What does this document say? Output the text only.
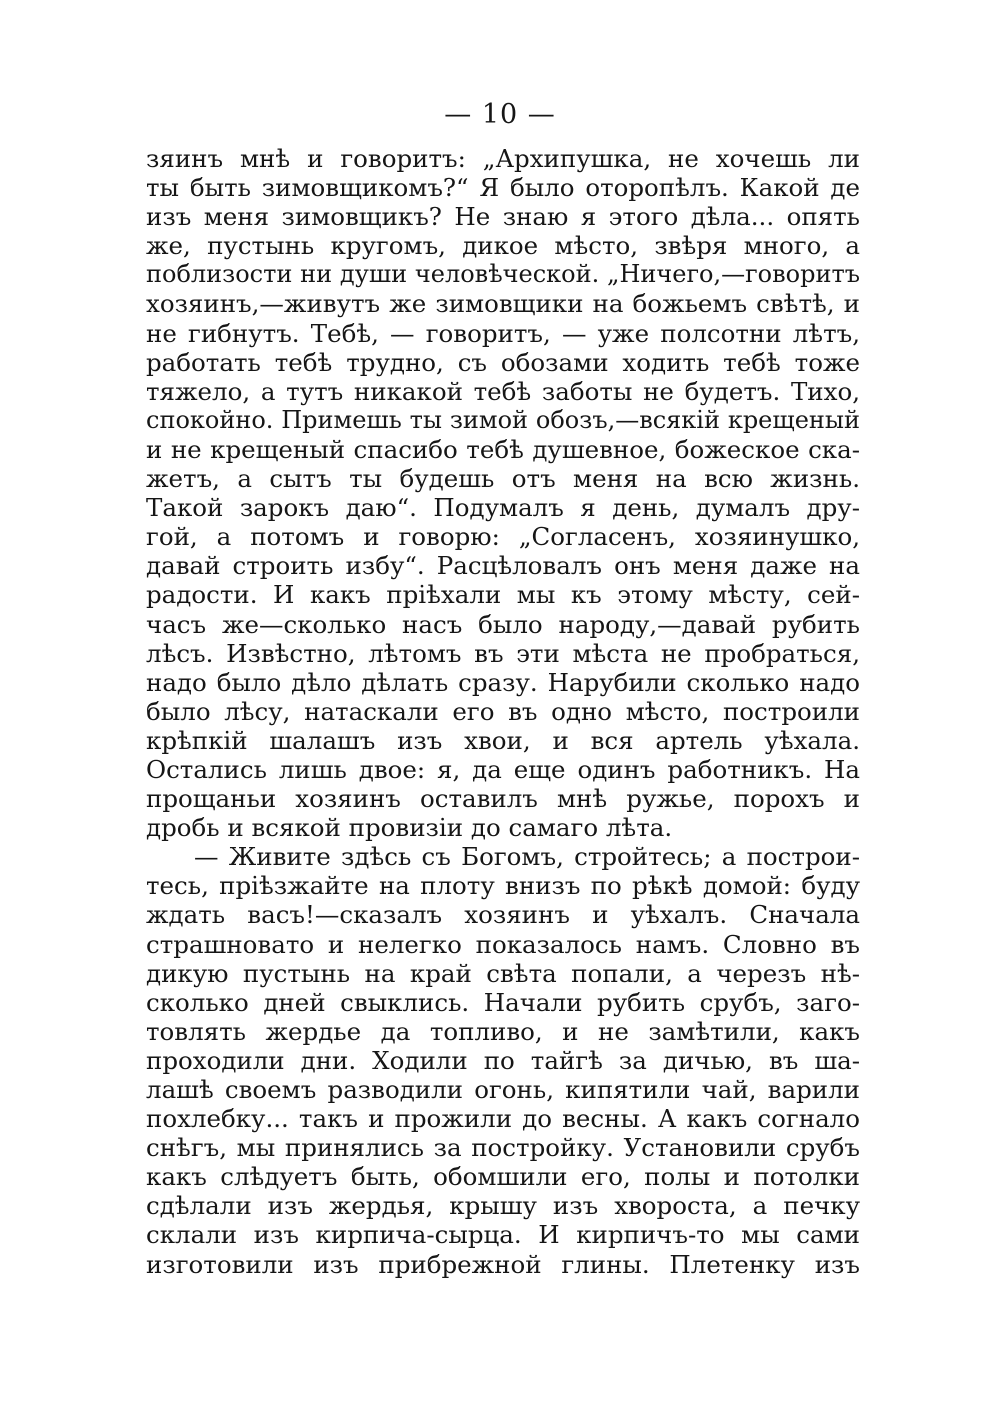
— 10 —
зяинъ мнѣ и говоритъ: „Архипушка, не хочешь ли
ты быть зимовщикомъ?“ Я было оторопѣлъ. Какой де
изъ меня зимовщикъ? Не знаю я этого дѣла... опять
же, пустынь кругомъ, дикое мѣсто, звѣря много, а
поблизости ни души человѣческой. „Ничего,—говоритъ
хозяинъ,—живутъ же зимовщики на божьемъ свѣтѣ, и
не гибнутъ. Тебѣ, — говоритъ, — уже полсотни лѣтъ,
работать тебѣ трудно, съ обозами ходить тебѣ тоже
тяжело, а тутъ никакой тебѣ заботы не будетъ. Тихо,
спокойно. Примешь ты зимой обозъ,—всякій крещеный
и не крещеный спасибо тебѣ душевное, божеское ска-
жетъ, а сытъ ты будешь отъ меня на всю жизнь.
Такой зарокъ даю“. Подумалъ я день, думалъ дру-
гой, а потомъ и говорю: „Согласенъ, хозяинушко,
давай строить избу“. Расцѣловалъ онъ меня даже на
радости. И какъ пріѣхали мы къ этому мѣсту, сей-
часъ же—сколько насъ было народу,—давай рубить
лѣсъ. Извѣстно, лѣтомъ въ эти мѣста не пробраться,
надо было дѣло дѣлать сразу. Нарубили сколько надо
было лѣсу, натаскали его въ одно мѣсто, построили
крѣпкій шалашъ изъ хвои, и вся артель уѣхала.
Остались лишь двое: я, да еще одинъ работникъ. На
прощаньи хозяинъ оставилъ мнѣ ружье, порохъ и
дробь и всякой провизіи до самаго лѣта.
— Живите здѣсь съ Богомъ, стройтесь; а построи-
тесь, пріѣзжайте на плоту внизъ по рѣкѣ домой: буду
ждать васъ!—сказалъ хозяинъ и уѣхалъ. Сначала
страшновато и нелегко показалось намъ. Словно въ
дикую пустынь на край свѣта попали, а черезъ нѣ-
сколько дней свыклись. Начали рубить срубъ, заго-
товлять жердье да топливо, и не замѣтили, какъ
проходили дни. Ходили по тайгѣ за дичью, въ ша-
лашѣ своемъ разводили огонь, кипятили чай, варили
похлебку... такъ и прожили до весны. А какъ согнало
снѣгъ, мы принялись за постройку. Установили срубъ
какъ слѣдуетъ быть, обомшили его, полы и потолки
сдѣлали изъ жердья, крышу изъ хвороста, а печку
склали изъ кирпича-сырца. И кирпичъ-то мы сами
изготовили изъ прибрежной глины. Плетенку изъ
